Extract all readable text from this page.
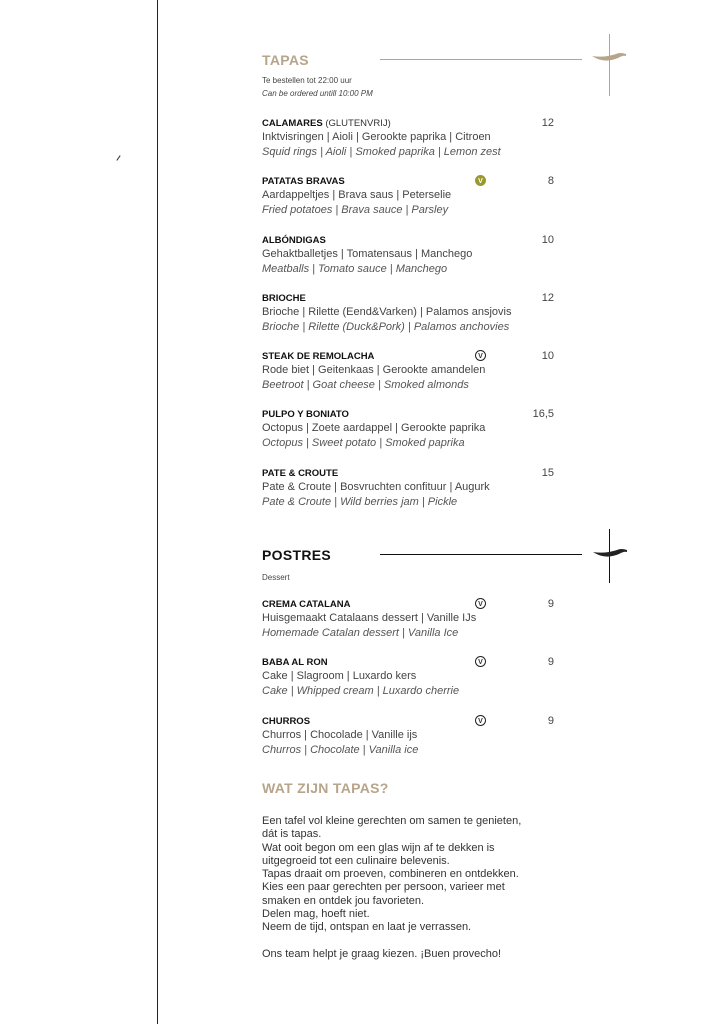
TAPAS
Te bestellen tot 22:00 uur
Can be ordered untill 10:00 PM
CALAMARES (GLUTENVRIJ)	12
Inktvisringen | Aioli | Gerookte paprika | Citroen
Squid rings | Aioli | Smoked paprika | Lemon zest
PATATAS BRAVAS	V	8
Aardappeltjes | Brava saus | Peterselie
Fried potatoes | Brava sauce | Parsley
ALBÓNDIGAS	10
Gehaktballetjes | Tomatensaus | Manchego
Meatballs | Tomato sauce | Manchego
BRIOCHE	12
Brioche | Rilette (Eend&Varken) | Palamos ansjovis
Brioche | Rilette (Duck&Pork) | Palamos anchovies
STEAK DE REMOLACHA	V	10
Rode biet | Geitenkaas | Gerookte amandelen
Beetroot | Goat cheese | Smoked almonds
PULPO Y BONIATO	16,5
Octopus | Zoete aardappel | Gerookte paprika
Octopus | Sweet potato | Smoked paprika
PATE & CROUTE	15
Pate & Croute | Bosvruchten confituur | Augurk
Pate & Croute | Wild berries jam | Pickle
POSTRES
Dessert
CREMA CATALANA	V	9
Huisgemaakt Catalaans dessert | Vanille IJs
Homemade Catalan dessert | Vanilla Ice
BABA AL RON	V	9
Cake | Slagroom | Luxardo kers
Cake | Whipped cream | Luxardo cherrie
CHURROS	V	9
Churros | Chocolade | Vanille ijs
Churros | Chocolate | Vanilla ice
WAT ZIJN TAPAS?

Een tafel vol kleine gerechten om samen te genieten,

dát is tapas.

Wat ooit begon om een glas wijn af te dekken is

uitgegroeid tot een culinaire belevenis.

Tapas draait om proeven, combineren en ontdekken.

Kies een paar gerechten per persoon, varieer met

smaken en ontdek jou favorieten.

Delen mag, hoeft niet.

Neem de tijd, ontspan en laat je verrassen.

Ons team helpt je graag kiezen. ¡Buen provecho!
